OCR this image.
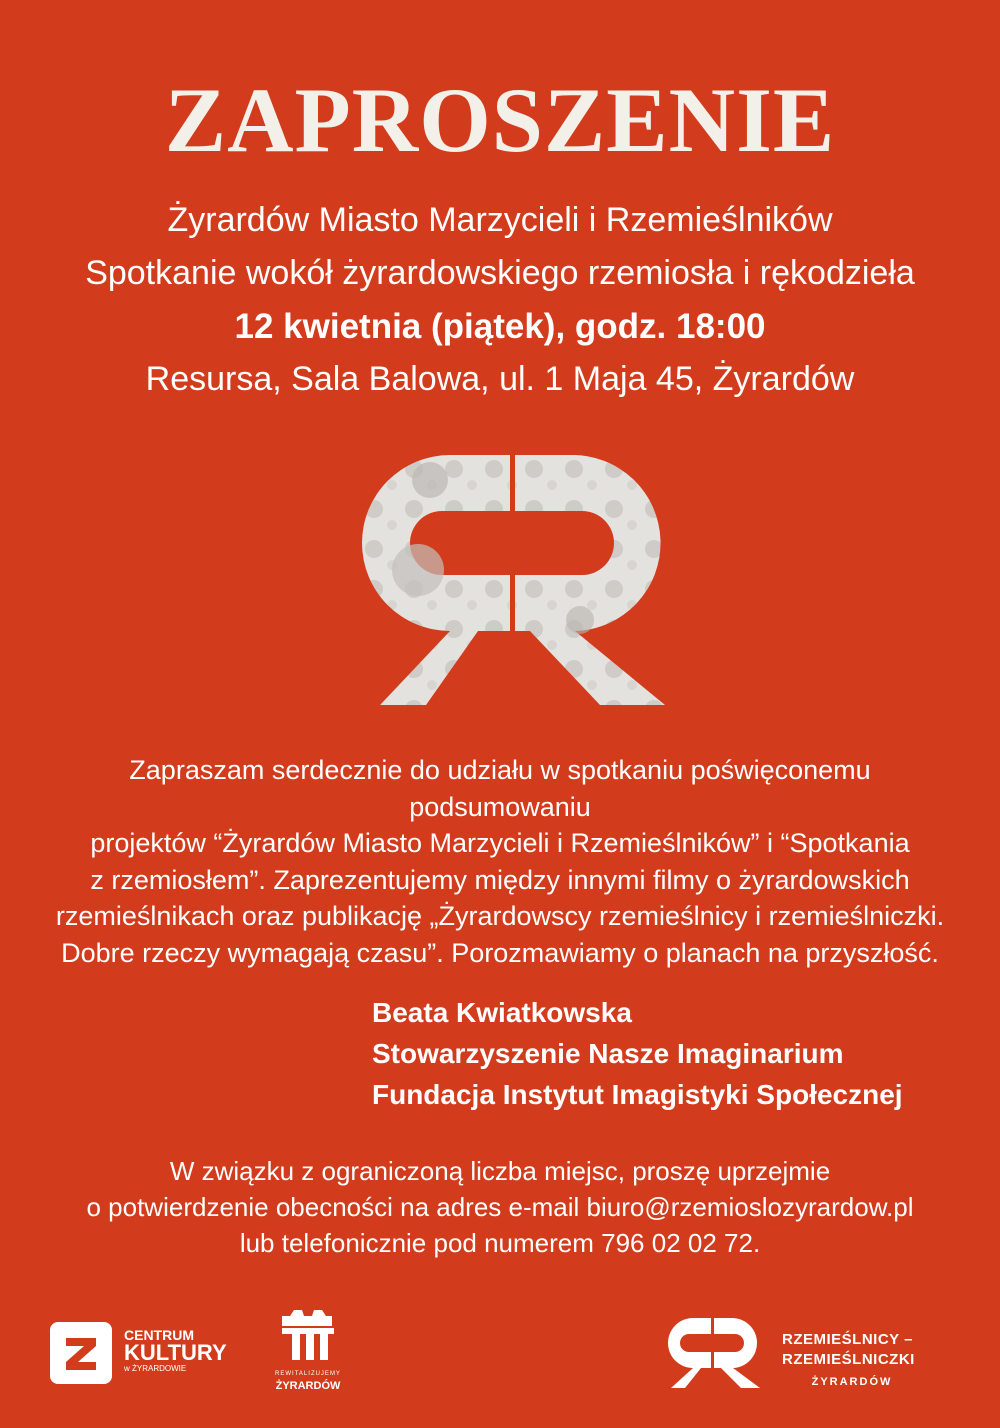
ZAPROSZENIE
Żyrardów Miasto Marzycieli i Rzemieślników
Spotkanie wokół żyrardowskiego rzemiosła i rękodzieła
12 kwietnia (piątek), godz. 18:00
Resursa, Sala Balowa, ul. 1 Maja 45, Żyrardów
Zapraszam serdecznie do udziału w spotkaniu poświęconemu podsumowaniu
projektów “Żyrardów Miasto Marzycieli i Rzemieślników” i “Spotkania
z rzemiosłem”. Zaprezentujemy między innymi filmy o żyrardowskich
rzemieślnikach oraz publikację „Żyrardowscy rzemieślnicy i rzemieślniczki.
Dobre rzeczy wymagają czasu”. Porozmawiamy o planach na przyszłość.
Beata Kwiatkowska
Stowarzyszenie Nasze Imaginarium
Fundacja Instytut Imagistyki Społecznej
W związku z ograniczoną liczba miejsc, proszę uprzejmie
o potwierdzenie obecności na adres e-mail biuro@rzemioslozyrardow.pl
lub telefonicznie pod numerem 796 02 02 72.
CENTRUM
KULTURY
w ŻYRARDOWIE
REWITALIZUJEMY
ŻYRARDÓW
RZEMIEŚLNICY –
RZEMIEŚLNICZKI
ŻYRARDÓW
